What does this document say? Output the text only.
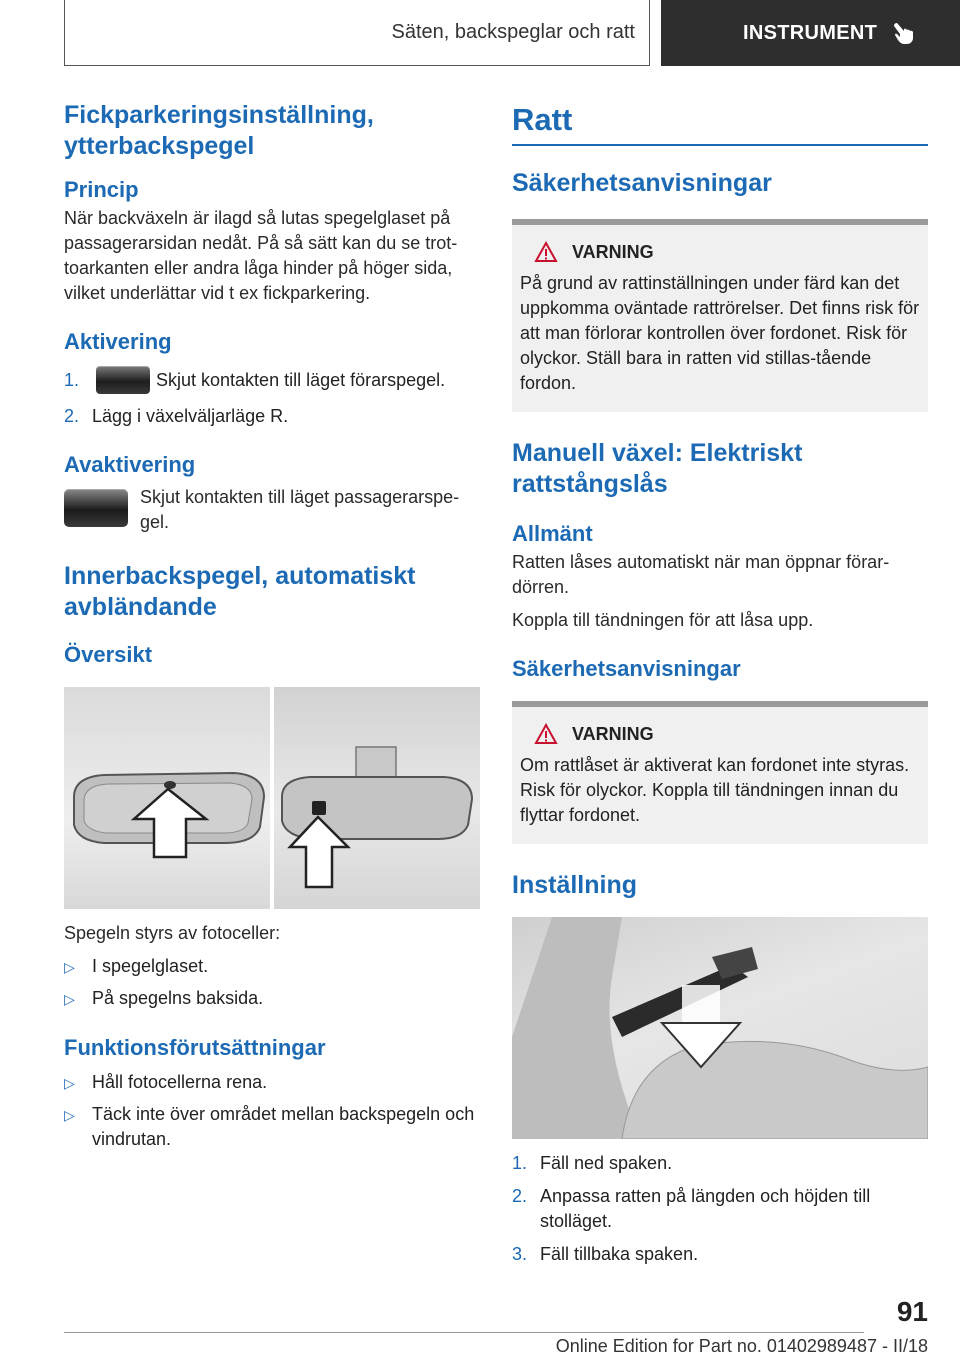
Säten, backspeglar och ratt	INSTRUMENT
Fickparkeringsinställning, ytterbackspegel
Princip

När backväxeln är ilagd så lutas spegelglaset på passagerarsidan nedåt. På så sätt kan du se trot-toarkanten eller andra låga hinder på höger sida, vilket underlättar vid t ex fickparkering.

Aktivering
1.	Skjut kontakten till läget förarspegel.
2. Lägg i växelväljarläge R.
Avaktivering

Skjut kontakten till läget passagerarspe-gel.

Innerbackspegel, automatiskt avbländande
Översikt

Spegeln styrs av fotoceller:

▷ I spegelglaset.
▷ På spegelns baksida.
Funktionsförutsättningar
▷ Håll fotocellerna rena.
▷ Täck inte över området mellan backspegeln och vindrutan.
Ratt
Säkerhetsanvisningar
VARNING

På grund av rattinställningen under färd kan det uppkomma oväntade rattrörelser. Det finns risk för att man förlorar kontrollen över fordonet. Risk för olyckor. Ställ bara in ratten vid stillas-tående fordon.

Manuell växel: Elektriskt rattstångslås
Allmänt

Ratten låses automatiskt när man öppnar förar-dörren.

Koppla till tändningen för att låsa upp.

Säkerhetsanvisningar
VARNING

Om rattlåset är aktiverat kan fordonet inte styras. Risk för olyckor. Koppla till tändningen innan du flyttar fordonet.

Inställning
1. Fäll ned spaken.
2. Anpassa ratten på längden och höjden till stolläget.
3. Fäll tillbaka spaken.
91
Online Edition for Part no. 01402989487 - II/18
